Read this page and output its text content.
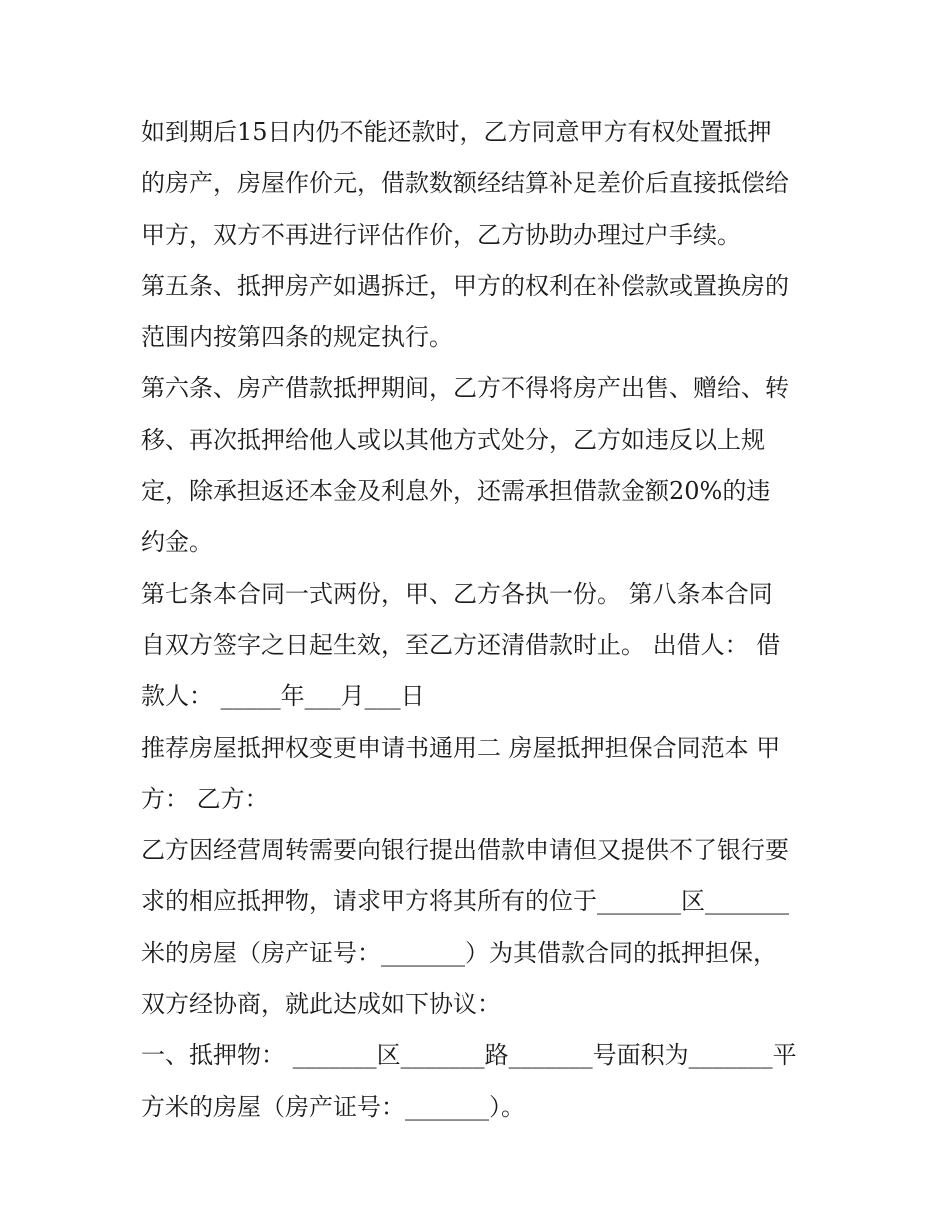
如到期后15日内仍不能还款时，乙方同意甲方有权处置抵押
的房产，房屋作价元，借款数额经结算补足差价后直接抵偿给
甲方，双方不再进行评估作价，乙方协助办理过户手续。
第五条、抵押房产如遇拆迁，甲方的权利在补偿款或置换房的
范围内按第四条的规定执行。
第六条、房产借款抵押期间，乙方不得将房产出售、赠给、转
移、再次抵押给他人或以其他方式处分，乙方如违反以上规
定，除承担返还本金及利息外，还需承担借款金额20%的违
约金。
第七条本合同一式两份，甲、乙方各执一份。 第八条本合同
自双方签字之日起生效，至乙方还清借款时止。 出借人： 借
款人： _____年___月___日
推荐房屋抵押权变更申请书通用二 房屋抵押担保合同范本 甲
方： 乙方：
乙方因经营周转需要向银行提出借款申请但又提供不了银行要
求的相应抵押物，请求甲方将其所有的位于_______区_______
米的房屋（房产证号：_______）为其借款合同的抵押担保，
双方经协商，就此达成如下协议：
一、抵押物： _______区_______路_______号面积为_______平
方米的房屋（房产证号：_______）。
